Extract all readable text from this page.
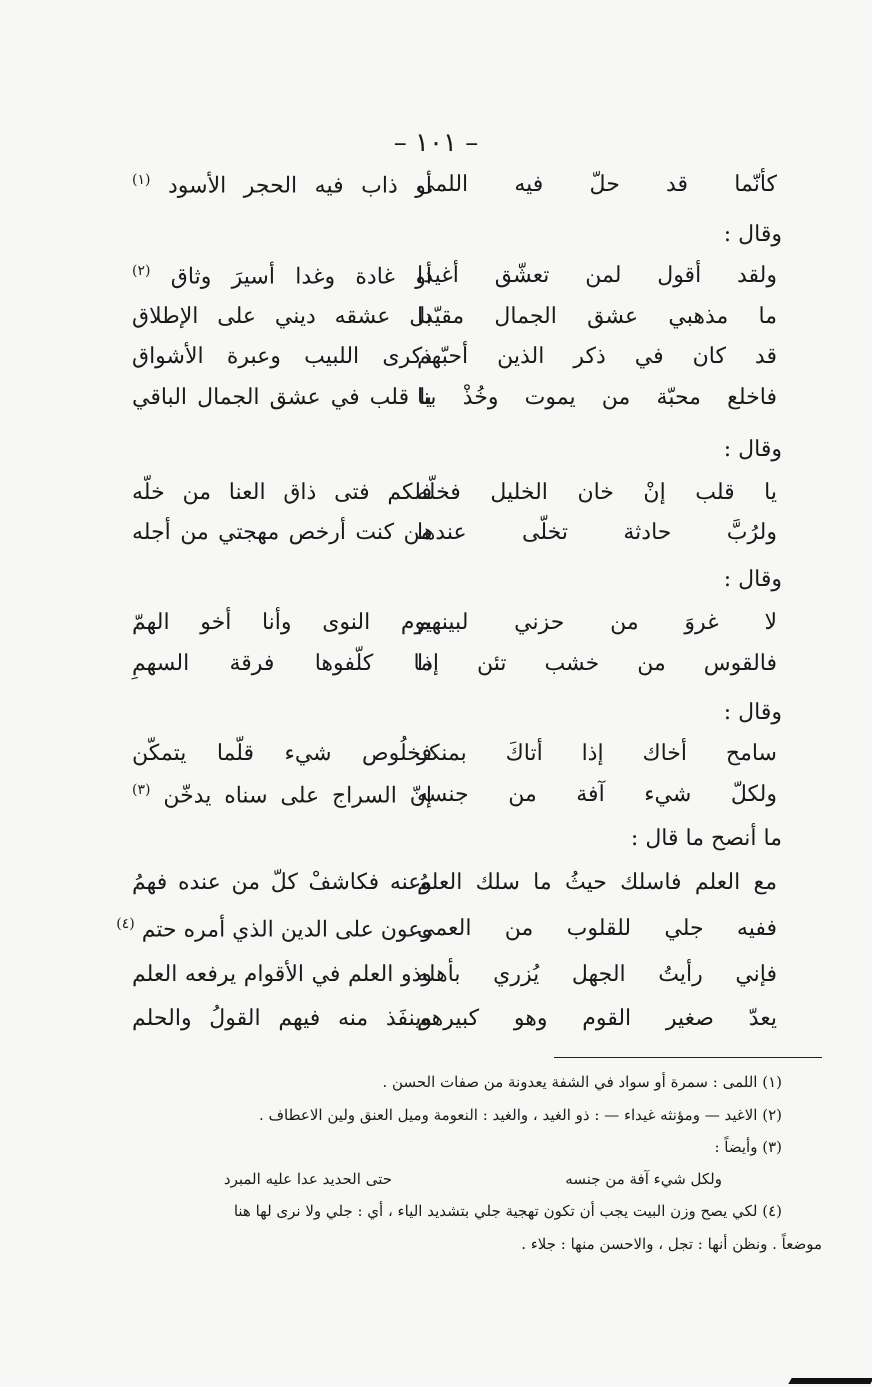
– ١٠١ –
كأنّما قد حلّ فيه اللمى
أو ذاب فيه الحجر الأسود $^{(١)}$
وقال :
ولقد أقول لمن تعشّق أغيدا
أو غادة وغدا أسيرَ وثاق $^{(٢)}$
ما مذهبي عشق الجمال مقيّدا
بل عشقه ديني على الإطلاق
قد كان في ذكر الذين أحبّهم
ذكرى اللبيب وعبرة الأشواق
فاخلع محبّة من يموت وخُذْ بنا
يا قلب في عشق الجمال الباقي
وقال :
يا قلب إنْ خان الخليل فخلّه
فلكم فتى ذاق العنا من خلّه
ولرُبَّ حادثة تخلّى عندها
من كنت أرخص مهجتي من أجله
وقال :
لا غروَ من حزني لبينهم
يوم النوى وأنا أخو الهمّ
فالقوس من خشب تئن إذا
ما كلّفوها فرقة السهمِ
وقال :
سامح أخاك إذا أتاكَ بمنكر
فخلُوص شيء قلّما يتمكّن
ولكلّ شيء آفة من جنسه
إنّ السراج على سناه يدخّن $^{(٣)}$
ما أنصح ما قال :
مع العلم فاسلك حيثُ ما سلك العلمُ
وعنه فكاشفْ كلّ من عنده فهمُ
ففيه جلي للقلوب من العمى
وعون على الدين الذي أمره حتم $^{(٤)}$
فإني رأيتُ الجهل يُزري بأهله
وذو العلم في الأقوام يرفعه العلم
يعدّ صغير القوم وهو كبيرهم
وينفَذ منه فيهم القولُ والحلم
(١) اللمى : سمرة أو سواد في الشفة يعدونة من صفات الحسن .
(٢) الاغيد — ومؤنثه غيداء — : ذو الغيد ، والغيد : النعومة وميل العنق ولين الاعطاف .
(٣) وأيضاً :
ولكل شيء آفة من جنسه
حتى الحديد عدا عليه المبرد
(٤) لكي يصح وزن البيت يجب أن تكون تهجية جلي بتشديد الياء ، أي : جلي ولا نرى لها هنا
موضعاً . ونظن أنها : تجل ، والاحسن منها : جلاء .
